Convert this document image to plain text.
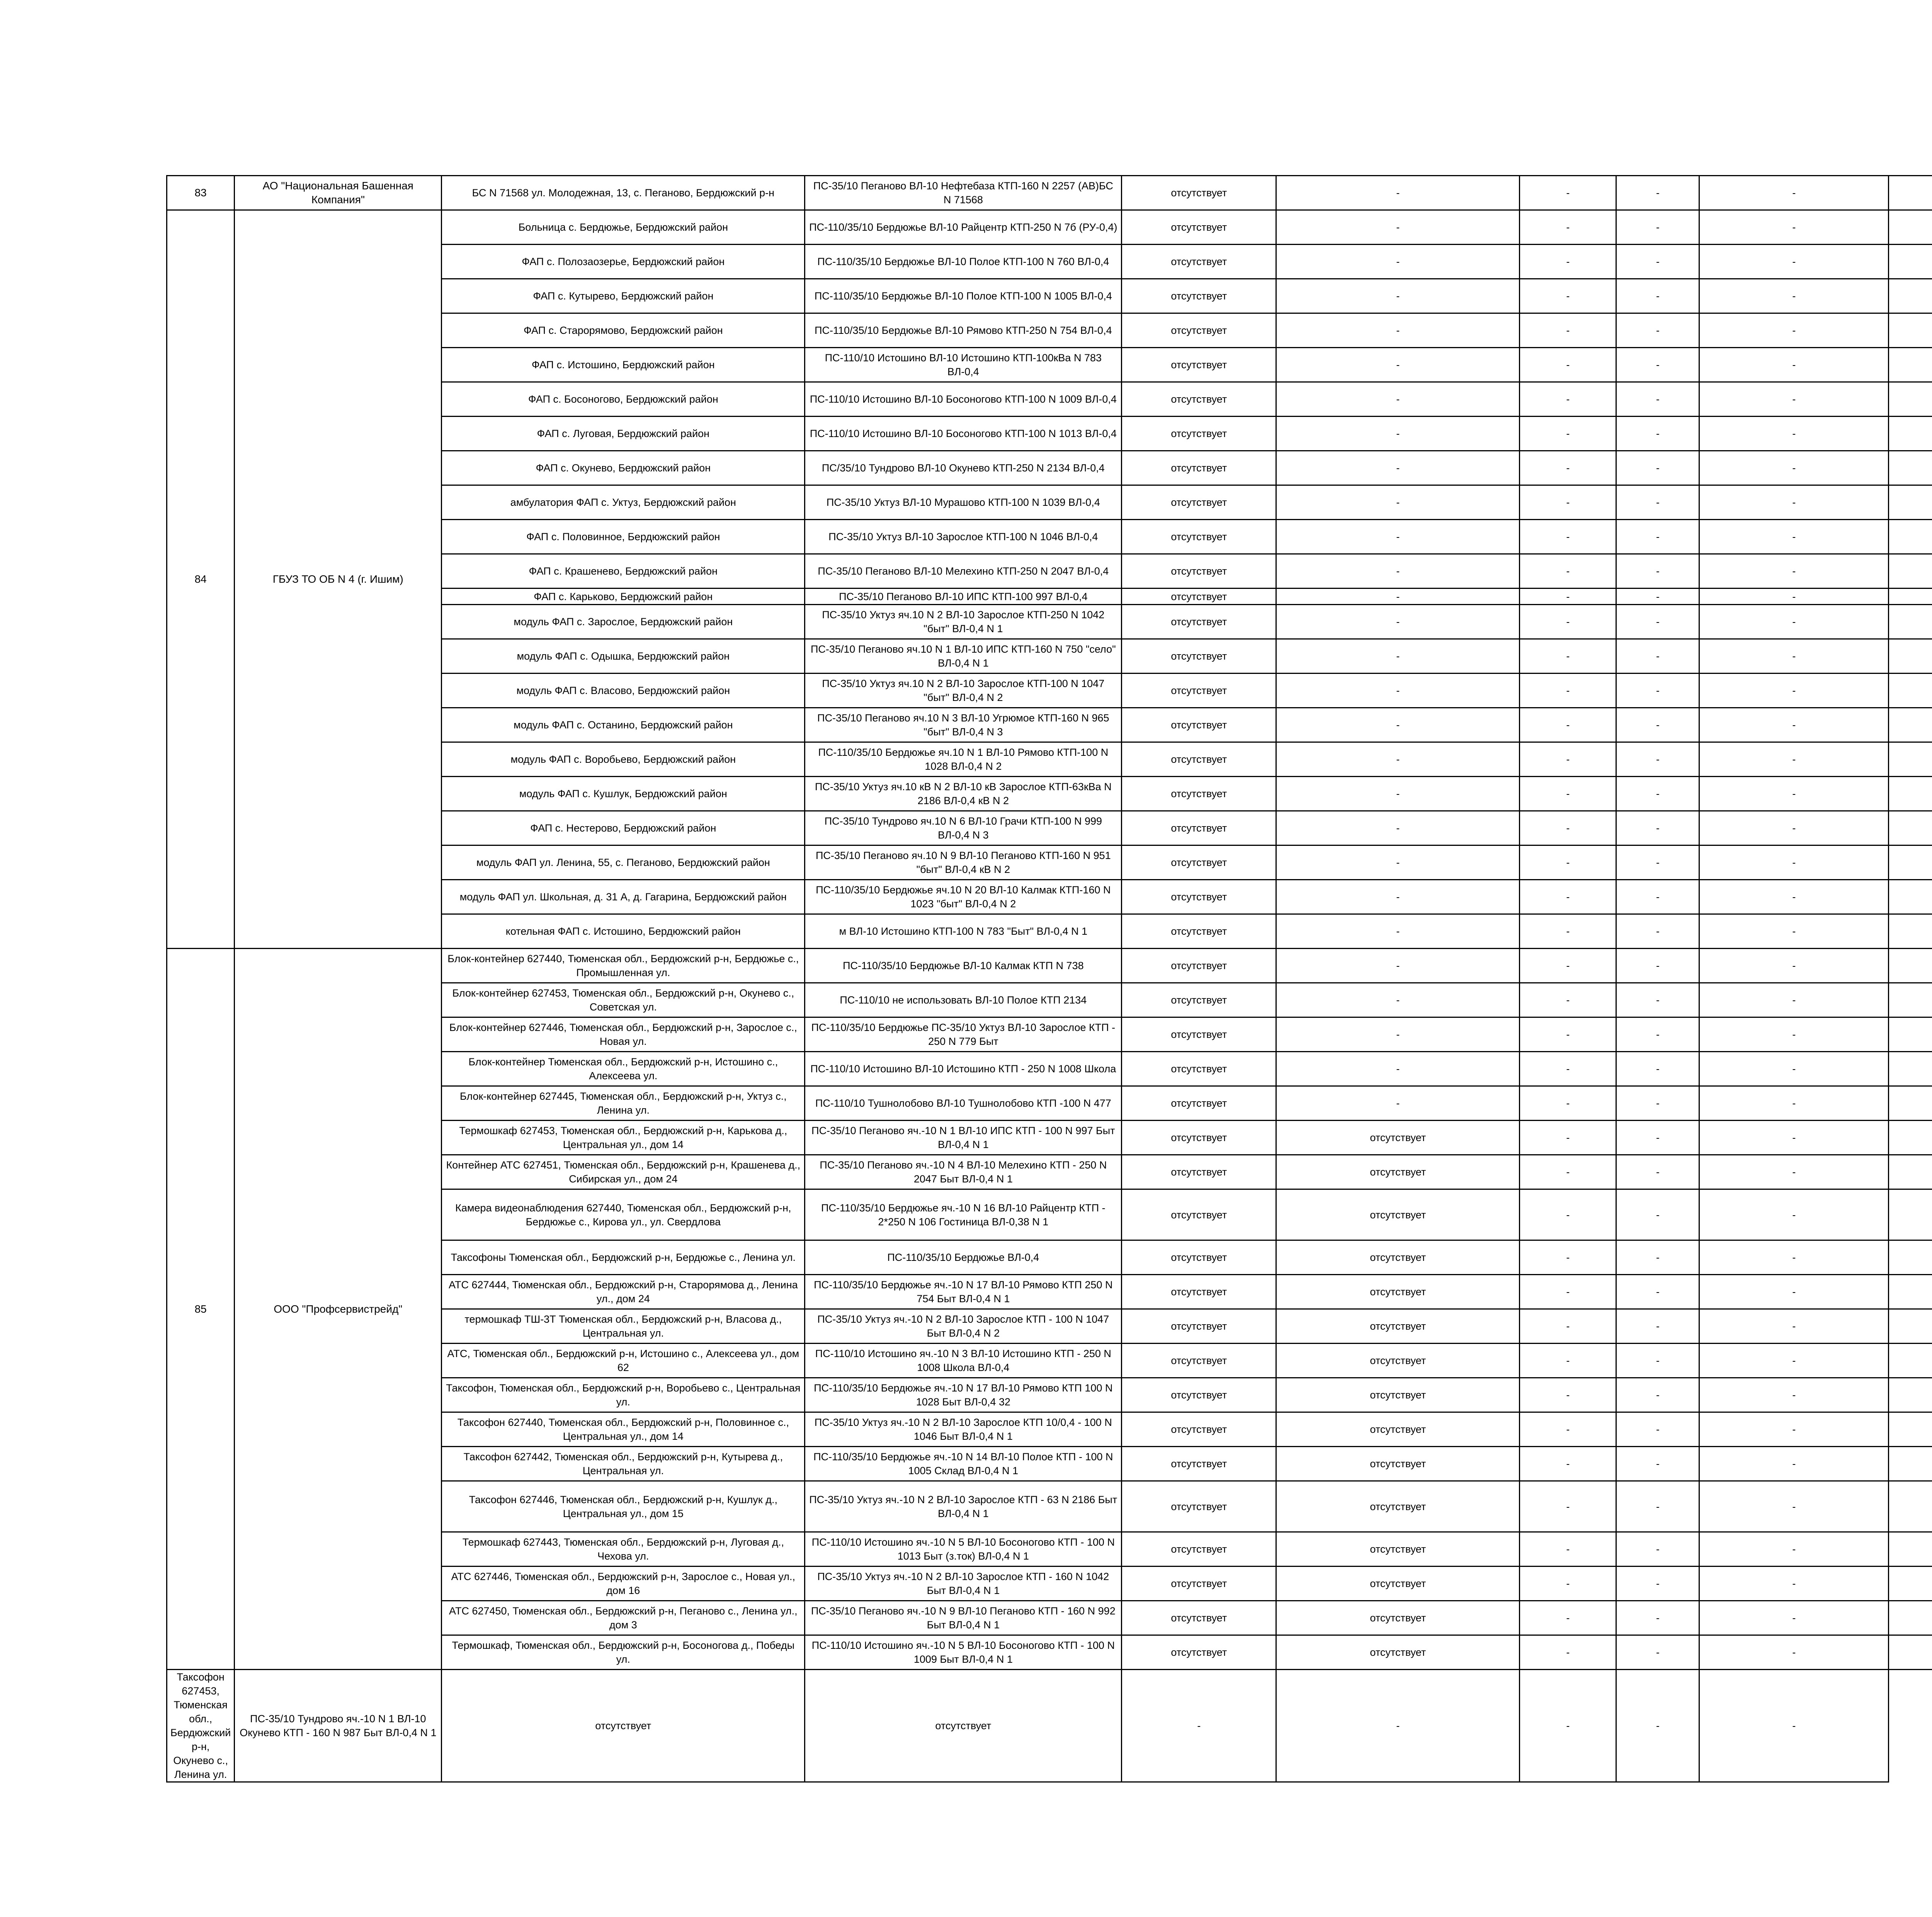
83	АО "Национальная Башенная Компания"	БС N 71568 ул. Молодежная, 13, с. Пеганово, Бердюжский р-н	ПС-35/10 Пеганово ВЛ-10 Нефтебаза КТП-160 N 2257 (АВ)БС N 71568	отсутствует	-	-	-	-		
84	ГБУЗ ТО ОБ N 4 (г. Ишим)	Больница с. Бердюжье, Бердюжский район	ПС-110/35/10 Бердюжье ВЛ-10 Райцентр КТП-250 N 7б (РУ-0,4)	отсутствует	-	-	-	-		
		ФАП с. Полозаозерье, Бердюжский район	ПС-110/35/10 Бердюжье ВЛ-10 Полое КТП-100 N 760 ВЛ-0,4	отсутствует	-	-	-	-		
		ФАП с. Кутырево, Бердюжский район	ПС-110/35/10 Бердюжье ВЛ-10 Полое КТП-100 N 1005 ВЛ-0,4	отсутствует	-	-	-	-		
		ФАП с. Старорямово, Бердюжский район	ПС-110/35/10 Бердюжье ВЛ-10 Рямово КТП-250 N 754 ВЛ-0,4	отсутствует	-	-	-	-		
		ФАП с. Истошино, Бердюжский район	ПС-110/10 Истошино ВЛ-10 Истошино КТП-100кВа N 783 ВЛ-0,4	отсутствует	-	-	-	-		
		ФАП с. Босоногово, Бердюжский район	ПС-110/10 Истошино ВЛ-10 Босоногово КТП-100 N 1009 ВЛ-0,4	отсутствует	-	-	-	-		
		ФАП с. Луговая, Бердюжский район	ПС-110/10 Истошино ВЛ-10 Босоногово КТП-100 N 1013 ВЛ-0,4	отсутствует	-	-	-	-		
		ФАП с. Окунево, Бердюжский район	ПС/35/10 Тундрово ВЛ-10 Окунево КТП-250 N 2134 ВЛ-0,4	отсутствует	-	-	-	-		
		амбулатория ФАП с. Уктуз, Бердюжский район	ПС-35/10 Уктуз ВЛ-10 Мурашово КТП-100 N 1039 ВЛ-0,4	отсутствует	-	-	-	-		
		ФАП с. Половинное, Бердюжский район	ПС-35/10 Уктуз ВЛ-10 Зарослое КТП-100 N 1046 ВЛ-0,4	отсутствует	-	-	-	-		
		ФАП с. Крашенево, Бердюжский район	ПС-35/10 Пеганово ВЛ-10 Мелехино КТП-250 N 2047 ВЛ-0,4	отсутствует	-	-	-	-		
		ФАП с. Карьково, Бердюжский район	ПС-35/10 Пеганово ВЛ-10 ИПС КТП-100 997 ВЛ-0,4	отсутствует	-	-	-	-		
		модуль ФАП с. Зарослое, Бердюжский район	ПС-35/10 Уктуз яч.10 N 2 ВЛ-10 Зарослое КТП-250 N 1042 "быт" ВЛ-0,4 N 1	отсутствует	-	-	-	-		
		модуль ФАП с. Одышка, Бердюжский район	ПС-35/10 Пеганово яч.10 N 1 ВЛ-10 ИПС КТП-160 N 750 "село" ВЛ-0,4 N 1	отсутствует	-	-	-	-		
		модуль ФАП с. Власово, Бердюжский район	ПС-35/10 Уктуз яч.10 N 2 ВЛ-10 Зарослое КТП-100 N 1047 "быт" ВЛ-0,4 N 2	отсутствует	-	-	-	-		
		модуль ФАП с. Останино, Бердюжский район	ПС-35/10 Пеганово яч.10 N 3 ВЛ-10 Угрюмое КТП-160 N 965 "быт" ВЛ-0,4 N 3	отсутствует	-	-	-	-		
		модуль ФАП с. Воробьево, Бердюжский район	ПС-110/35/10 Бердюжье яч.10 N 1 ВЛ-10 Рямово КТП-100 N 1028 ВЛ-0,4 N 2	отсутствует	-	-	-	-		
		модуль ФАП с. Кушлук, Бердюжский район	ПС-35/10 Уктуз яч.10 кВ N 2 ВЛ-10 кВ Зарослое КТП-63кВа N 2186 ВЛ-0,4 кВ N 2	отсутствует	-	-	-	-		
		ФАП с. Нестерово, Бердюжский район	ПС-35/10 Тундрово яч.10 N 6 ВЛ-10 Грачи КТП-100 N 999 ВЛ-0,4 N 3	отсутствует	-	-	-	-		
		модуль ФАП ул. Ленина, 55, с. Пеганово, Бердюжский район	ПС-35/10 Пеганово яч.10 N 9 ВЛ-10 Пеганово КТП-160 N 951 "быт" ВЛ-0,4 кВ N 2	отсутствует	-	-	-	-		
		модуль ФАП ул. Школьная, д. 31 А, д. Гагарина, Бердюжский район	ПС-110/35/10 Бердюжье яч.10 N 20 ВЛ-10 Калмак КТП-160 N 1023 "быт" ВЛ-0,4 N 2	отсутствует	-	-	-	-		
		котельная ФАП с. Истошино, Бердюжский район	м ВЛ-10 Истошино КТП-100 N 783 "Быт" ВЛ-0,4 N 1	отсутствует	-	-	-	-		
85	ООО "Профсервистрейд"	Блок-контейнер 627440, Тюменская обл., Бердюжский р-н, Бердюжье с., Промышленная ул.	ПС-110/35/10 Бердюжье ВЛ-10 Калмак КТП N 738	отсутствует	-	-	-	-		
		Блок-контейнер 627453, Тюменская обл., Бердюжский р-н, Окунево с., Советская ул.	ПС-110/10 не использовать ВЛ-10 Полое КТП 2134	отсутствует	-	-	-	-		
		Блок-контейнер 627446, Тюменская обл., Бердюжский р-н, Зарослое с., Новая ул.	ПС-110/35/10 Бердюжье ПС-35/10 Уктуз ВЛ-10 Зарослое КТП - 250 N 779 Быт	отсутствует	-	-	-	-		
		Блок-контейнер Тюменская обл., Бердюжский р-н, Истошино с., Алексеева ул.	ПС-110/10 Истошино ВЛ-10 Истошино КТП - 250 N 1008 Школа	отсутствует	-	-	-	-		
		Блок-контейнер 627445, Тюменская обл., Бердюжский р-н, Уктуз с., Ленина ул.	ПС-110/10 Тушнолобово ВЛ-10 Тушнолобово КТП -100 N 477	отсутствует	-	-	-	-		
		Термошкаф 627453, Тюменская обл., Бердюжский р-н, Карькова д., Центральная ул., дом 14	ПС-35/10 Пеганово яч.-10 N 1 ВЛ-10 ИПС КТП - 100 N 997 Быт ВЛ-0,4 N 1	отсутствует	отсутствует	-	-	-		
		Контейнер АТС 627451, Тюменская обл., Бердюжский р-н, Крашенева д., Сибирская ул., дом 24	ПС-35/10 Пеганово яч.-10 N 4 ВЛ-10 Мелехино КТП - 250 N 2047 Быт ВЛ-0,4 N 1	отсутствует	отсутствует	-	-	-		
		Камера видеонаблюдения 627440, Тюменская обл., Бердюжский р-н, Бердюжье с., Кирова ул., ул. Свердлова	ПС-110/35/10 Бердюжье яч.-10 N 16 ВЛ-10 Райцентр КТП - 2*250 N 106 Гостиница ВЛ-0,38 N 1	отсутствует	отсутствует	-	-	-		
		Таксофоны Тюменская обл., Бердюжский р-н, Бердюжье с., Ленина ул.	ПС-110/35/10 Бердюжье ВЛ-0,4	отсутствует	отсутствует	-	-	-		
		АТС 627444, Тюменская обл., Бердюжский р-н, Старорямова д., Ленина ул., дом 24	ПС-110/35/10 Бердюжье яч.-10 N 17 ВЛ-10 Рямово КТП 250 N 754 Быт ВЛ-0,4 N 1	отсутствует	отсутствует	-	-	-		
		термошкаф ТШ-3Т Тюменская обл., Бердюжский р-н, Власова д., Центральная ул.	ПС-35/10 Уктуз яч.-10 N 2 ВЛ-10 Зарослое КТП - 100 N 1047 Быт ВЛ-0,4 N 2	отсутствует	отсутствует	-	-	-		
		АТС, Тюменская обл., Бердюжский р-н, Истошино с., Алексеева ул., дом 62	ПС-110/10 Истошино яч.-10 N 3 ВЛ-10 Истошино КТП - 250 N 1008 Школа ВЛ-0,4	отсутствует	отсутствует	-	-	-		
		Таксофон, Тюменская обл., Бердюжский р-н, Воробьево с., Центральная ул.	ПС-110/35/10 Бердюжье яч.-10 N 17 ВЛ-10 Рямово КТП 100 N 1028 Быт ВЛ-0,4 32	отсутствует	отсутствует	-	-	-		
		Таксофон 627440, Тюменская обл., Бердюжский р-н, Половинное с., Центральная ул., дом 14	ПС-35/10 Уктуз яч.-10 N 2 ВЛ-10 Зарослое КТП 10/0,4 - 100 N 1046 Быт ВЛ-0,4 N 1	отсутствует	отсутствует	-	-	-		
		Таксофон 627442, Тюменская обл., Бердюжский р-н, Кутырева д., Центральная ул.	ПС-110/35/10 Бердюжье яч.-10 N 14 ВЛ-10 Полое КТП - 100 N 1005 Склад ВЛ-0,4 N 1	отсутствует	отсутствует	-	-	-		
		Таксофон 627446, Тюменская обл., Бердюжский р-н, Кушлук д., Центральная ул., дом 15	ПС-35/10 Уктуз яч.-10 N 2 ВЛ-10 Зарослое КТП - 63 N 2186 Быт ВЛ-0,4 N 1	отсутствует	отсутствует	-	-	-		
		Термошкаф 627443, Тюменская обл., Бердюжский р-н, Луговая д., Чехова ул.	ПС-110/10 Истошино яч.-10 N 5 ВЛ-10 Босоногово КТП - 100 N 1013 Быт (з.ток) ВЛ-0,4 N 1	отсутствует	отсутствует	-	-	-		
		АТС 627446, Тюменская обл., Бердюжский р-н, Зарослое с., Новая ул., дом 16	ПС-35/10 Уктуз яч.-10 N 2 ВЛ-10 Зарослое КТП - 160 N 1042 Быт ВЛ-0,4 N 1	отсутствует	отсутствует	-	-	-		
		АТС 627450, Тюменская обл., Бердюжский р-н, Пеганово с., Ленина ул., дом 3	ПС-35/10 Пеганово яч.-10 N 9 ВЛ-10 Пеганово КТП - 160 N 992 Быт ВЛ-0,4 N 1	отсутствует	отсутствует	-	-	-		
		Термошкаф, Тюменская обл., Бердюжский р-н, Босоногова д., Победы ул.	ПС-110/10 Истошино яч.-10 N 5 ВЛ-10 Босоногово КТП - 100 N 1009 Быт ВЛ-0,4 N 1	отсутствует	отсутствует	-	-	-		
Таксофон 627453, Тюменская обл., Бердюжский р-н, Окунево с., Ленина ул.	ПС-35/10 Тундрово яч.-10 N 1 ВЛ-10 Окунево КТП - 160 N 987 Быт ВЛ-0,4 N 1	отсутствует	отсутствует	-	-	-	-	-		
